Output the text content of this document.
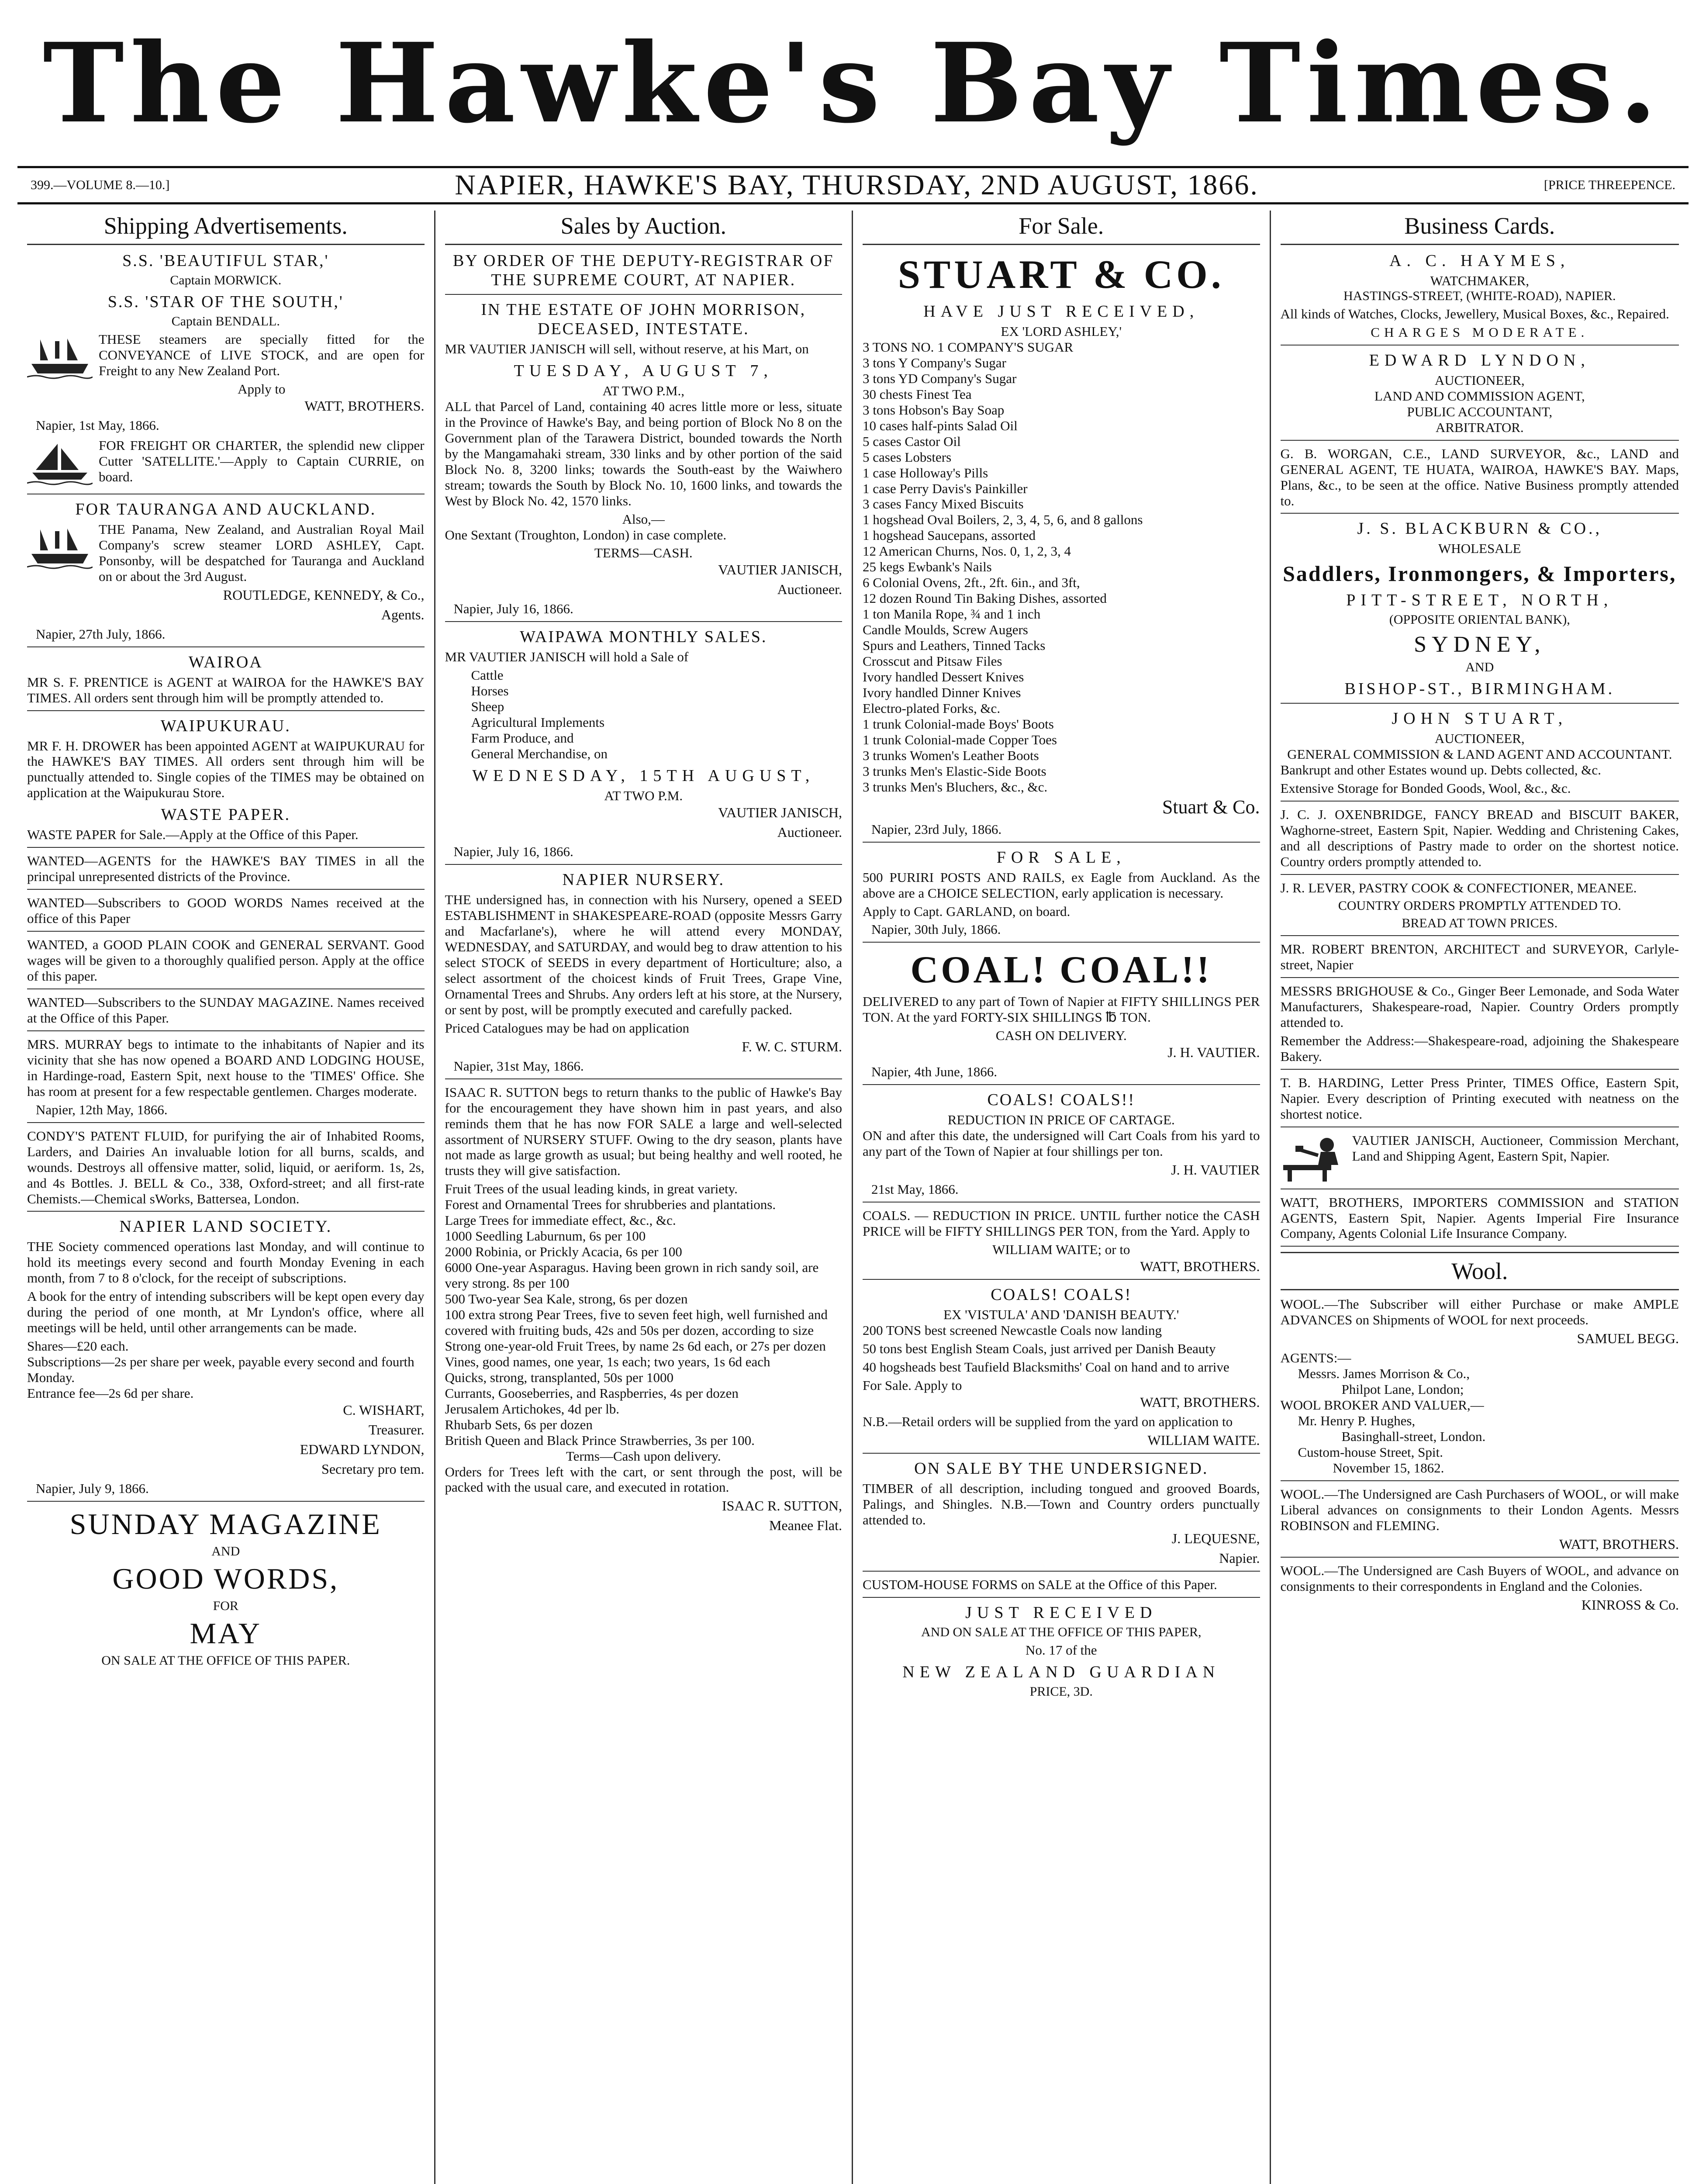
The Hawke's Bay Times.
399.—VOLUME 8.—10.]	NAPIER, HAWKE'S BAY, THURSDAY, 2ND AUGUST, 1866.	[PRICE THREEPENCE.
Shipping Advertisements.
S.S. 'BEAUTIFUL STAR,'
Captain MORWICK.
S.S. 'STAR OF THE SOUTH,'
Captain BENDALL.

THESE steamers are specially fitted for the CONVEYANCE of LIVE STOCK, and are open for Freight to any New Zealand Port.

Apply to
WATT, BROTHERS.
Napier, 1st May, 1866.

FOR FREIGHT OR CHARTER, the splendid new clipper Cutter 'SATELLITE.'—Apply to Captain CURRIE, on board.

FOR TAURANGA AND AUCKLAND.

THE Panama, New Zealand, and Australian Royal Mail Company's screw steamer LORD ASHLEY, Capt. Ponsonby, will be despatched for Tauranga and Auckland on or about the 3rd August.

ROUTLEDGE, KENNEDY, & Co.,
Agents.
Napier, 27th July, 1866.
WAIROA

MR S. F. PRENTICE is AGENT at WAIROA for the HAWKE'S BAY TIMES. All orders sent through him will be promptly attended to.

WAIPUKURAU.

MR F. H. DROWER has been appointed AGENT at WAIPUKURAU for the HAWKE'S BAY TIMES. All orders sent through him will be punctually attended to. Single copies of the TIMES may be obtained on application at the Waipukurau Store.

WASTE PAPER.

WASTE PAPER for Sale.—Apply at the Office of this Paper.

WANTED—AGENTS for the HAWKE'S BAY TIMES in all the principal unrepresented districts of the Province.

WANTED—Subscribers to GOOD WORDS Names received at the office of this Paper

WANTED, a GOOD PLAIN COOK and GENERAL SERVANT. Good wages will be given to a thoroughly qualified person. Apply at the office of this paper.

WANTED—Subscribers to the SUNDAY MAGAZINE. Names received at the Office of this Paper.

MRS. MURRAY begs to intimate to the inhabitants of Napier and its vicinity that she has now opened a BOARD AND LODGING HOUSE, in Hardinge-road, Eastern Spit, next house to the 'TIMES' Office. She has room at present for a few respectable gentlemen. Charges moderate.

Napier, 12th May, 1866.

CONDY'S PATENT FLUID, for purifying the air of Inhabited Rooms, Larders, and Dairies An invaluable lotion for all burns, scalds, and wounds. Destroys all offensive matter, solid, liquid, or aeriform. 1s, 2s, and 4s Bottles. J. BELL & Co., 338, Oxford-street; and all first-rate Chemists.—Chemical sWorks, Battersea, London.

NAPIER LAND SOCIETY.

THE Society commenced operations last Monday, and will continue to hold its meetings every second and fourth Monday Evening in each month, from 7 to 8 o'clock, for the receipt of subscriptions.

A book for the entry of intending subscribers will be kept open every day during the period of one month, at Mr Lyndon's office, where all meetings will be held, until other arrangements can be made.

Shares—£20 each.
Subscriptions—2s per share per week, payable every second and fourth Monday.
Entrance fee—2s 6d per share.
C. WISHART,
Treasurer.
EDWARD LYNDON,
Secretary pro tem.
Napier, July 9, 1866.
SUNDAY MAGAZINE
AND
GOOD WORDS,
FOR
MAY
ON SALE AT THE OFFICE OF THIS PAPER.
Sales by Auction.
BY ORDER OF THE DEPUTY-REGISTRAR OF THE SUPREME COURT, AT NAPIER.
IN THE ESTATE OF JOHN MORRISON, DECEASED, INTESTATE.

MR VAUTIER JANISCH will sell, without reserve, at his Mart, on

TUESDAY, AUGUST 7,
AT TWO P.M.,

ALL that Parcel of Land, containing 40 acres little more or less, situate in the Province of Hawke's Bay, and being portion of Block No 8 on the Government plan of the Tarawera District, bounded towards the North by the Mangamahaki stream, 330 links and by other portion of the said Block No. 8, 3200 links; towards the South-east by the Waiwhero stream; towards the South by Block No. 10, 1600 links, and towards the West by Block No. 42, 1570 links.

Also,—

One Sextant (Troughton, London) in case complete.

TERMS—CASH.
VAUTIER JANISCH,
Auctioneer.
Napier, July 16, 1866.
WAIPAWA MONTHLY SALES.

MR VAUTIER JANISCH will hold a Sale of

Cattle
Horses
Sheep
Agricultural Implements
Farm Produce, and
General Merchandise, on
WEDNESDAY, 15TH AUGUST,
AT TWO P.M.
VAUTIER JANISCH,
Auctioneer.
Napier, July 16, 1866.
NAPIER NURSERY.

THE undersigned has, in connection with his Nursery, opened a SEED ESTABLISHMENT in SHAKESPEARE-ROAD (opposite Messrs Garry and Macfarlane's), where he will attend every MONDAY, WEDNESDAY, and SATURDAY, and would beg to draw attention to his select STOCK of SEEDS in every department of Horticulture; also, a select assortment of the choicest kinds of Fruit Trees, Grape Vine, Ornamental Trees and Shrubs. Any orders left at his store, at the Nursery, or sent by post, will be promptly executed and carefully packed.

Priced Catalogues may be had on application

F. W. C. STURM.
Napier, 31st May, 1866.

ISAAC R. SUTTON begs to return thanks to the public of Hawke's Bay for the encouragement they have shown him in past years, and also reminds them that he has now FOR SALE a large and well-selected assortment of NURSERY STUFF. Owing to the dry season, plants have not made as large growth as usual; but being healthy and well rooted, he trusts they will give satisfaction.

Fruit Trees of the usual leading kinds, in great variety.
Forest and Ornamental Trees for shrubberies and plantations.
Large Trees for immediate effect, &c., &c.
1000 Seedling Laburnum, 6s per 100
2000 Robinia, or Prickly Acacia, 6s per 100
6000 One-year Asparagus. Having been grown in rich sandy soil, are very strong. 8s per 100
500 Two-year Sea Kale, strong, 6s per dozen
100 extra strong Pear Trees, five to seven feet high, well furnished and covered with fruiting buds, 42s and 50s per dozen, according to size
Strong one-year-old Fruit Trees, by name 2s 6d each, or 27s per dozen
Vines, good names, one year, 1s each; two years, 1s 6d each
Quicks, strong, transplanted, 50s per 1000
Currants, Gooseberries, and Raspberries, 4s per dozen
Jerusalem Artichokes, 4d per lb.
Rhubarb Sets, 6s per dozen
British Queen and Black Prince Strawberries, 3s per 100.
Terms—Cash upon delivery.

Orders for Trees left with the cart, or sent through the post, will be packed with the usual care, and executed in rotation.

ISAAC R. SUTTON,
Meanee Flat.
For Sale.
STUART & CO.
HAVE JUST RECEIVED,
EX 'LORD ASHLEY,'
3 TONS NO. 1 COMPANY'S SUGAR
3 tons Y Company's Sugar
3 tons YD Company's Sugar
30 chests Finest Tea
3 tons Hobson's Bay Soap
10 cases half-pints Salad Oil
5 cases Castor Oil
5 cases Lobsters
1 case Holloway's Pills
1 case Perry Davis's Painkiller
3 cases Fancy Mixed Biscuits
1 hogshead Oval Boilers, 2, 3, 4, 5, 6, and 8 gallons
1 hogshead Saucepans, assorted
12 American Churns, Nos. 0, 1, 2, 3, 4
25 kegs Ewbank's Nails
6 Colonial Ovens, 2ft., 2ft. 6in., and 3ft,
12 dozen Round Tin Baking Dishes, assorted
1 ton Manila Rope, ¾ and 1 inch
Candle Moulds, Screw Augers
Spurs and Leathers, Tinned Tacks
Crosscut and Pitsaw Files
Ivory handled Dessert Knives
Ivory handled Dinner Knives
Electro-plated Forks, &c.
1 trunk Colonial-made Boys' Boots
1 trunk Colonial-made Copper Toes
3 trunks Women's Leather Boots
3 trunks Men's Elastic-Side Boots
3 trunks Men's Bluchers, &c., &c.
Stuart & Co.
Napier, 23rd July, 1866.
FOR SALE,

500 PURIRI POSTS AND RAILS, ex Eagle from Auckland. As the above are a CHOICE SELECTION, early application is necessary.

Apply to Capt. GARLAND, on board.
Napier, 30th July, 1866.
COAL! COAL!!

DELIVERED to any part of Town of Napier at FIFTY SHILLINGS PER TON. At the yard FORTY-SIX SHILLINGS ℔ TON.

CASH ON DELIVERY.
J. H. VAUTIER.
Napier, 4th June, 1866.
COALS! COALS!!
REDUCTION IN PRICE OF CARTAGE.

ON and after this date, the undersigned will Cart Coals from his yard to any part of the Town of Napier at four shillings per ton.

J. H. VAUTIER
21st May, 1866.

COALS. — REDUCTION IN PRICE. UNTIL further notice the CASH PRICE will be FIFTY SHILLINGS PER TON, from the Yard. Apply to

WILLIAM WAITE; or to
WATT, BROTHERS.
COALS! COALS!
EX 'VISTULA' AND 'DANISH BEAUTY.'

200 TONS best screened Newcastle Coals now landing

50 tons best English Steam Coals, just arrived per Danish Beauty

40 hogsheads best Taufield Blacksmiths' Coal on hand and to arrive

For Sale. Apply to
WATT, BROTHERS.

N.B.—Retail orders will be supplied from the yard on application to

WILLIAM WAITE.
ON SALE BY THE UNDERSIGNED.

TIMBER of all description, including tongued and grooved Boards, Palings, and Shingles. N.B.—Town and Country orders punctually attended to.

J. LEQUESNE,
Napier.

CUSTOM-HOUSE FORMS on SALE at the Office of this Paper.

JUST RECEIVED
AND ON SALE AT THE OFFICE OF THIS PAPER,
No. 17 of the
NEW ZEALAND GUARDIAN
PRICE, 3D.
Business Cards.
A. C. HAYMES,
WATCHMAKER,
HASTINGS-STREET, (WHITE-ROAD), NAPIER.

All kinds of Watches, Clocks, Jewellery, Musical Boxes, &c., Repaired.

CHARGES MODERATE.
EDWARD LYNDON,
AUCTIONEER,
LAND AND COMMISSION AGENT,
PUBLIC ACCOUNTANT,
ARBITRATOR.

G. B. WORGAN, C.E., LAND SURVEYOR, &c., LAND and GENERAL AGENT, TE HUATA, WAIROA, HAWKE'S BAY. Maps, Plans, &c., to be seen at the office. Native Business promptly attended to.

J. S. BLACKBURN & CO.,
WHOLESALE
Saddlers, Ironmongers, & Importers,
PITT-STREET, NORTH,
(OPPOSITE ORIENTAL BANK),
SYDNEY,
AND
BISHOP-ST., BIRMINGHAM.
JOHN STUART,
AUCTIONEER,
GENERAL COMMISSION & LAND AGENT AND ACCOUNTANT.

Bankrupt and other Estates wound up. Debts collected, &c.

Extensive Storage for Bonded Goods, Wool, &c., &c.

J. C. J. OXENBRIDGE, FANCY BREAD and BISCUIT BAKER, Waghorne-street, Eastern Spit, Napier. Wedding and Christening Cakes, and all descriptions of Pastry made to order on the shortest notice. Country orders promptly attended to.

J. R. LEVER, PASTRY COOK & CONFECTIONER, MEANEE.

COUNTRY ORDERS PROMPTLY ATTENDED TO.
BREAD AT TOWN PRICES.

MR. ROBERT BRENTON, ARCHITECT and SURVEYOR, Carlyle-street, Napier

MESSRS BRIGHOUSE & Co., Ginger Beer Lemonade, and Soda Water Manufacturers, Shakespeare-road, Napier. Country Orders promptly attended to.

Remember the Address:—Shakespeare-road, adjoining the Shakespeare Bakery.

T. B. HARDING, Letter Press Printer, TIMES Office, Eastern Spit, Napier. Every description of Printing executed with neatness on the shortest notice.

VAUTIER JANISCH, Auctioneer, Commission Merchant, Land and Shipping Agent, Eastern Spit, Napier.

WATT, BROTHERS, IMPORTERS COMMISSION and STATION AGENTS, Eastern Spit, Napier. Agents Imperial Fire Insurance Company, Agents Colonial Life Insurance Company.

Wool.

WOOL.—The Subscriber will either Purchase or make AMPLE ADVANCES on Shipments of WOOL for next proceeds.

SAMUEL BEGG.
AGENTS:—
Messrs. James Morrison & Co.,
Philpot Lane, London;
WOOL BROKER AND VALUER,—
Mr. Henry P. Hughes,
Basinghall-street, London.
Custom-house Street, Spit.
November 15, 1862.

WOOL.—The Undersigned are Cash Purchasers of WOOL, or will make Liberal advances on consignments to their London Agents. Messrs ROBINSON and FLEMING.

WATT, BROTHERS.

WOOL.—The Undersigned are Cash Buyers of WOOL, and advance on consignments to their correspondents in England and the Colonies.

KINROSS & Co.
